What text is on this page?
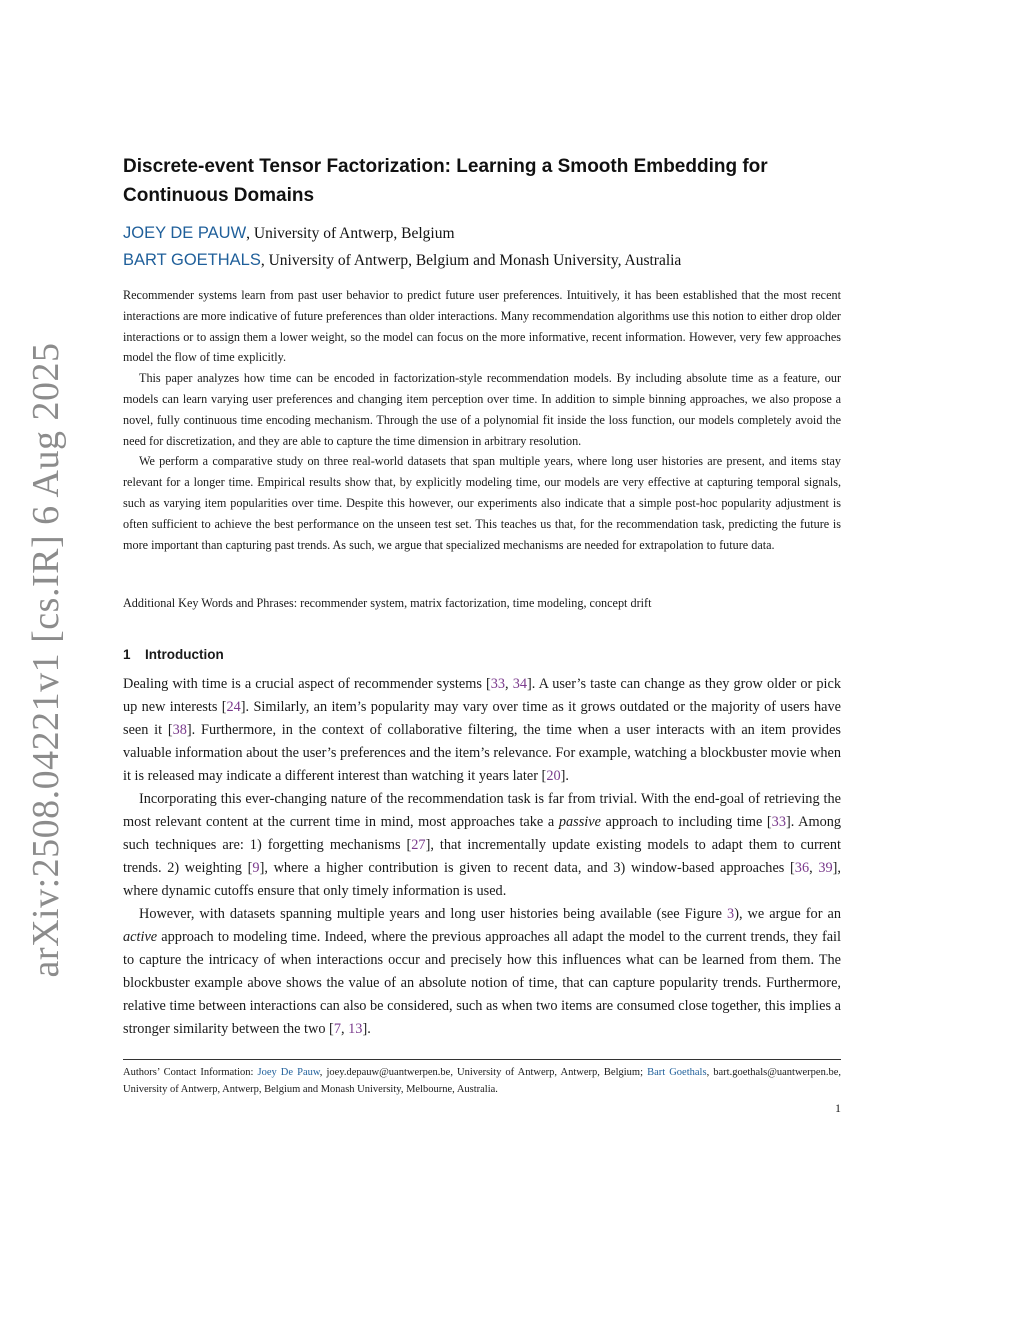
arXiv:2508.04221v1 [cs.IR] 6 Aug 2025
Discrete-event Tensor Factorization: Learning a Smooth Embedding for Continuous Domains
JOEY DE PAUW, University of Antwerp, Belgium
BART GOETHALS, University of Antwerp, Belgium and Monash University, Australia

Recommender systems learn from past user behavior to predict future user preferences. Intuitively, it has been established that the most recent interactions are more indicative of future preferences than older interactions. Many recommendation algorithms use this notion to either drop older interactions or to assign them a lower weight, so the model can focus on the more informative, recent information. However, very few approaches model the flow of time explicitly.

This paper analyzes how time can be encoded in factorization-style recommendation models. By including absolute time as a feature, our models can learn varying user preferences and changing item perception over time. In addition to simple binning approaches, we also propose a novel, fully continuous time encoding mechanism. Through the use of a polynomial fit inside the loss function, our models completely avoid the need for discretization, and they are able to capture the time dimension in arbitrary resolution.

We perform a comparative study on three real-world datasets that span multiple years, where long user histories are present, and items stay relevant for a longer time. Empirical results show that, by explicitly modeling time, our models are very effective at capturing temporal signals, such as varying item popularities over time. Despite this however, our experiments also indicate that a simple post-hoc popularity adjustment is often sufficient to achieve the best performance on the unseen test set. This teaches us that, for the recommendation task, predicting the future is more important than capturing past trends. As such, we argue that specialized mechanisms are needed for extrapolation to future data.

Additional Key Words and Phrases: recommender system, matrix factorization, time modeling, concept drift
1 Introduction

Dealing with time is a crucial aspect of recommender systems [33, 34]. A user’s taste can change as they grow older or pick up new interests [24]. Similarly, an item’s popularity may vary over time as it grows outdated or the majority of users have seen it [38]. Furthermore, in the context of collaborative filtering, the time when a user interacts with an item provides valuable information about the user’s preferences and the item’s relevance. For example, watching a blockbuster movie when it is released may indicate a different interest than watching it years later [20].

Incorporating this ever-changing nature of the recommendation task is far from trivial. With the end-goal of retrieving the most relevant content at the current time in mind, most approaches take a passive approach to including time [33]. Among such techniques are: 1) forgetting mechanisms [27], that incrementally update existing models to adapt them to current trends. 2) weighting [9], where a higher contribution is given to recent data, and 3) window-based approaches [36, 39], where dynamic cutoffs ensure that only timely information is used.

However, with datasets spanning multiple years and long user histories being available (see Figure 3), we argue for an active approach to modeling time. Indeed, where the previous approaches all adapt the model to the current trends, they fail to capture the intricacy of when interactions occur and precisely how this influences what can be learned from them. The blockbuster example above shows the value of an absolute notion of time, that can capture popularity trends. Furthermore, relative time between interactions can also be considered, such as when two items are consumed close together, this implies a stronger similarity between the two [7, 13].

Authors’ Contact Information: Joey De Pauw, joey.depauw@uantwerpen.be, University of Antwerp, Antwerp, Belgium; Bart Goethals, bart.goethals@uantwerpen.be, University of Antwerp, Antwerp, Belgium and Monash University, Melbourne, Australia.
1
